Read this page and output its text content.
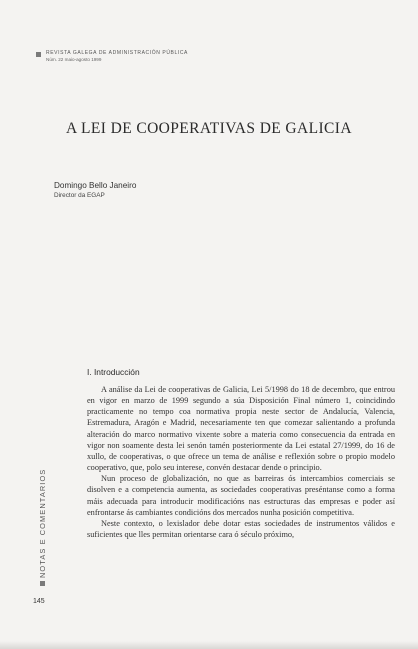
REVISTA GALEGA DE ADMINISTRACIÓN PÚBLICA
Núm. 22 maio-agosto 1999
A LEI DE COOPERATIVAS DE GALICIA
Domingo Bello Janeiro
Director da EGAP
I. Introducción

A análise da Lei de cooperativas de Galicia, Lei 5/1998 do 18 de decembro, que entrou en vigor en marzo de 1999 segundo a súa Disposición Final número 1, coincidindo practicamente no tempo coa normativa propia neste sector de Andalucía, Valencia, Estremadura, Aragón e Madrid, necesariamente ten que comezar salientando a profunda alteración do marco normativo vixente sobre a materia como consecuencia da entrada en vigor non soamente desta lei senón tamén posteriormente da Lei estatal 27/1999, do 16 de xullo, de cooperativas, o que ofrece un tema de análise e reflexión sobre o propio modelo cooperativo, que, polo seu interese, convén destacar dende o principio.

Nun proceso de globalización, no que as barreiras ós intercambios comerciais se disolven e a competencia aumenta, as sociedades cooperativas preséntanse como a forma máis adecuada para introducir modificacións nas estructuras das empresas e poder así enfrontarse ás cambiantes condicións dos mercados nunha posición competitiva.

Neste contexto, o lexislador debe dotar estas sociedades de instrumentos válidos e suficientes que lles permitan orientarse cara ó século próximo,

NOTAS E COMENTARIOS
145
